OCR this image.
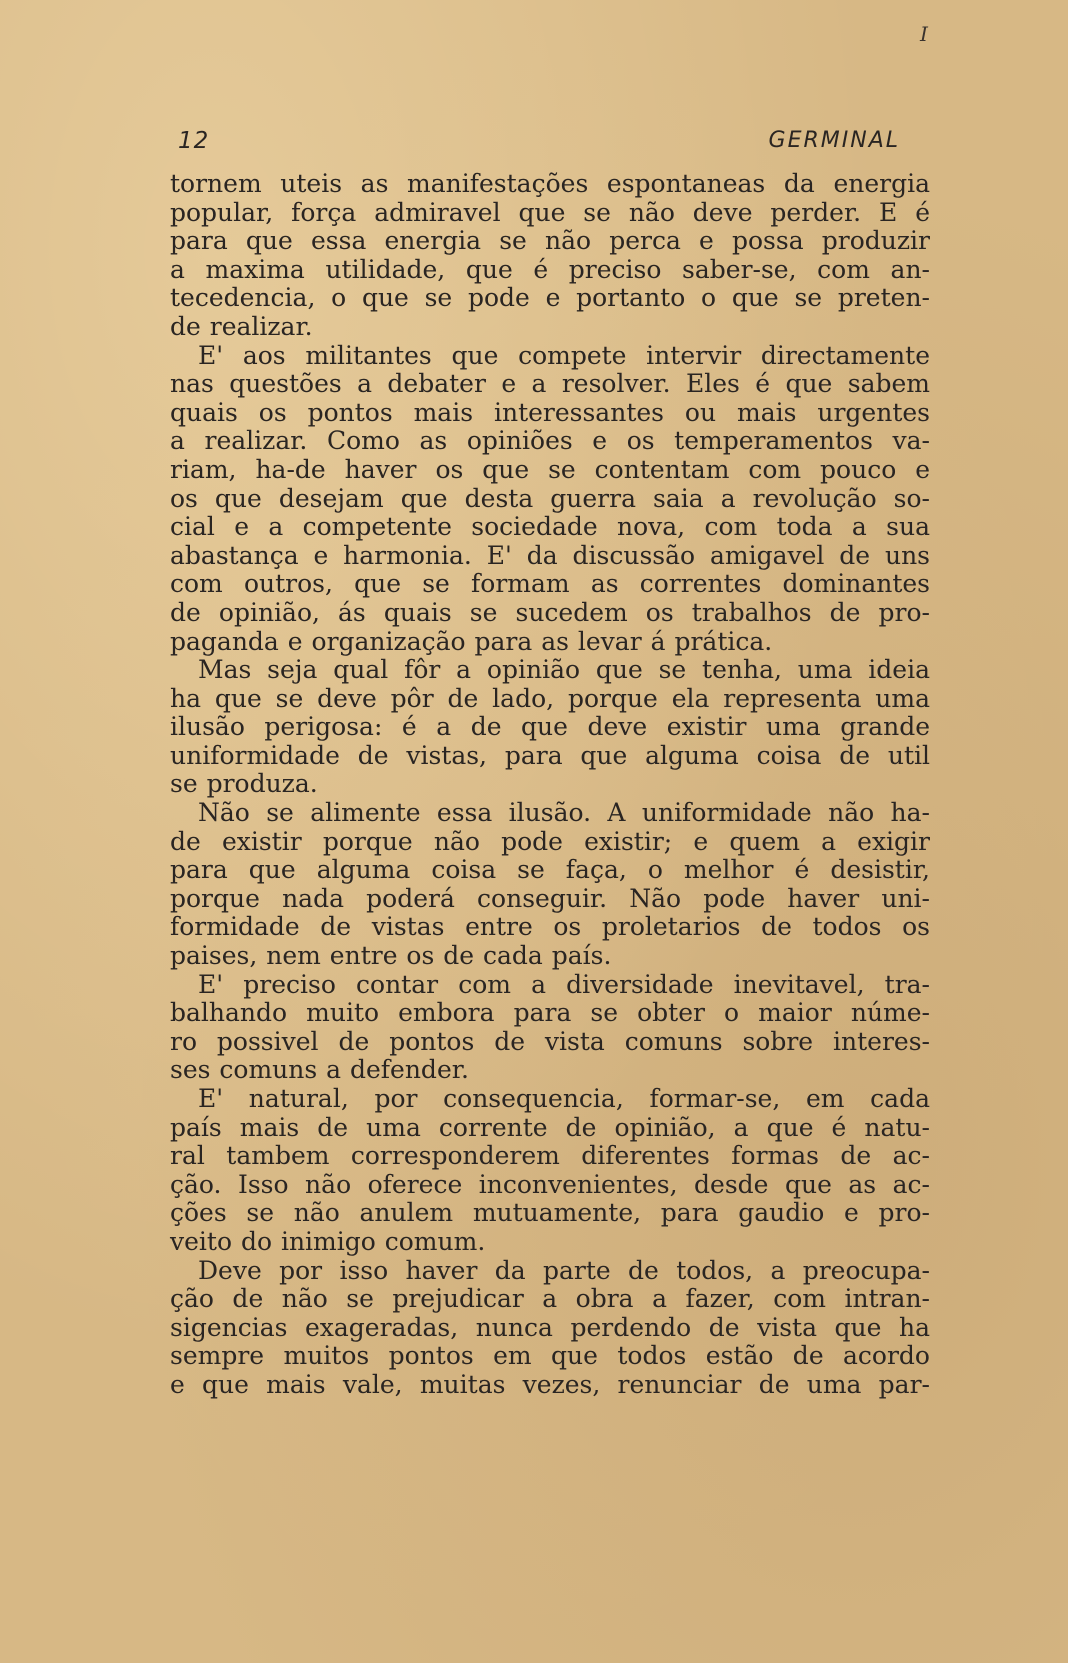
I
12	GERMINAL
tornem uteis as manifestações espontaneas da energia
popular, força admiravel que se não deve perder. E é
para que essa energia se não perca e possa produzir
a maxima utilidade, que é preciso saber-se, com an-
tecedencia, o que se pode e portanto o que se preten-
de realizar.
E' aos militantes que compete intervir directamente
nas questões a debater e a resolver. Eles é que sabem
quais os pontos mais interessantes ou mais urgentes
a realizar. Como as opiniões e os temperamentos va-
riam, ha-de haver os que se contentam com pouco e
os que desejam que desta guerra saia a revolução so-
cial e a competente sociedade nova, com toda a sua
abastança e harmonia. E' da discussão amigavel de uns
com outros, que se formam as correntes dominantes
de opinião, ás quais se sucedem os trabalhos de pro-
paganda e organização para as levar á prática.
Mas seja qual fôr a opinião que se tenha, uma ideia
ha que se deve pôr de lado, porque ela representa uma
ilusão perigosa: é a de que deve existir uma grande
uniformidade de vistas, para que alguma coisa de util
se produza.
Não se alimente essa ilusão. A uniformidade não ha-
de existir porque não pode existir; e quem a exigir
para que alguma coisa se faça, o melhor é desistir,
porque nada poderá conseguir. Não pode haver uni-
formidade de vistas entre os proletarios de todos os
paises, nem entre os de cada país.
E' preciso contar com a diversidade inevitavel, tra-
balhando muito embora para se obter o maior núme-
ro possivel de pontos de vista comuns sobre interes-
ses comuns a defender.
E' natural, por consequencia, formar-se, em cada
país mais de uma corrente de opinião, a que é natu-
ral tambem corresponderem diferentes formas de ac-
ção. Isso não oferece inconvenientes, desde que as ac-
ções se não anulem mutuamente, para gaudio e pro-
veito do inimigo comum.
Deve por isso haver da parte de todos, a preocupa-
ção de não se prejudicar a obra a fazer, com intran-
sigencias exageradas, nunca perdendo de vista que ha
sempre muitos pontos em que todos estão de acordo
e que mais vale, muitas vezes, renunciar de uma par-
